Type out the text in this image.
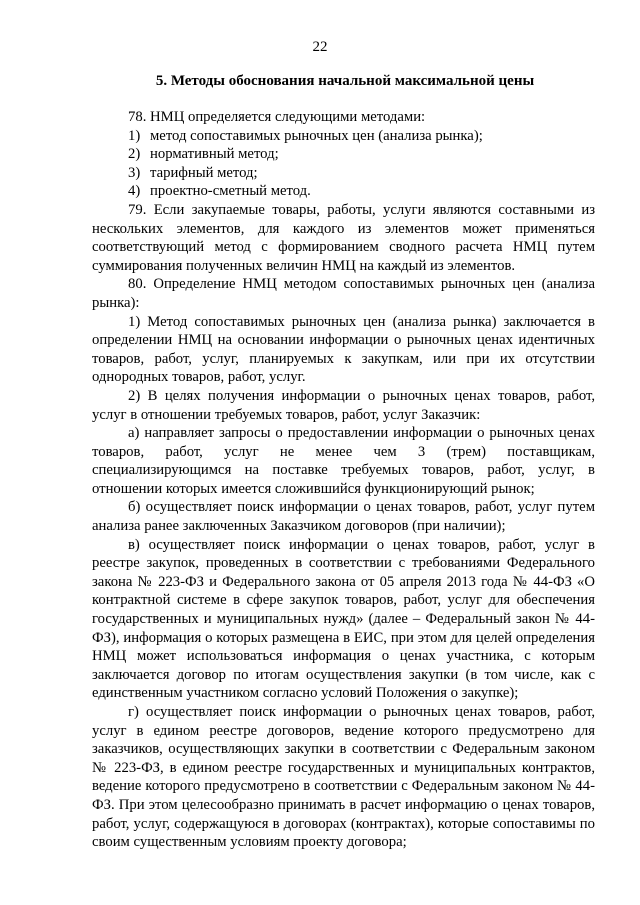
22
5. Методы обоснования начальной максимальной цены

78. НМЦ определяется следующими методами:

1) метод сопоставимых рыночных цен (анализа рынка);

2) нормативный метод;

3) тарифный метод;

4) проектно-сметный метод.

79. Если закупаемые товары, работы, услуги являются составными из нескольких элементов, для каждого из элементов может применяться соответствующий метод с формированием сводного расчета НМЦ путем суммирования полученных величин НМЦ на каждый из элементов.

80. Определение НМЦ методом сопоставимых рыночных цен (анализа рынка):

1) Метод сопоставимых рыночных цен (анализа рынка) заключается в определении НМЦ на основании информации о рыночных ценах идентичных товаров, работ, услуг, планируемых к закупкам, или при их отсутствии однородных товаров, работ, услуг.

2) В целях получения информации о рыночных ценах товаров, работ, услуг в отношении требуемых товаров, работ, услуг Заказчик:

а) направляет запросы о предоставлении информации о рыночных ценах товаров, работ, услуг не менее чем 3 (трем) поставщикам, специализирующимся на поставке требуемых товаров, работ, услуг, в отношении которых имеется сложившийся функционирующий рынок;

б) осуществляет поиск информации о ценах товаров, работ, услуг путем анализа ранее заключенных Заказчиком договоров (при наличии);

в) осуществляет поиск информации о ценах товаров, работ, услуг в реестре закупок, проведенных в соответствии с требованиями Федерального закона № 223-ФЗ и Федерального закона от 05 апреля 2013 года № 44-ФЗ «О контрактной системе в сфере закупок товаров, работ, услуг для обеспечения государственных и муниципальных нужд» (далее – Федеральный закон № 44-ФЗ), информация о которых размещена в ЕИС, при этом для целей определения НМЦ может использоваться информация о ценах участника, с которым заключается договор по итогам осуществления закупки (в том числе, как с единственным участником согласно условий Положения о закупке);

г) осуществляет поиск информации о рыночных ценах товаров, работ, услуг в едином реестре договоров, ведение которого предусмотрено для заказчиков, осуществляющих закупки в соответствии с Федеральным законом № 223-ФЗ, в едином реестре государственных и муниципальных контрактов, ведение которого предусмотрено в соответствии с Федеральным законом № 44-ФЗ. При этом целесообразно принимать в расчет информацию о ценах товаров, работ, услуг, содержащуюся в договорах (контрактах), которые сопоставимы по своим существенным условиям проекту договора;
